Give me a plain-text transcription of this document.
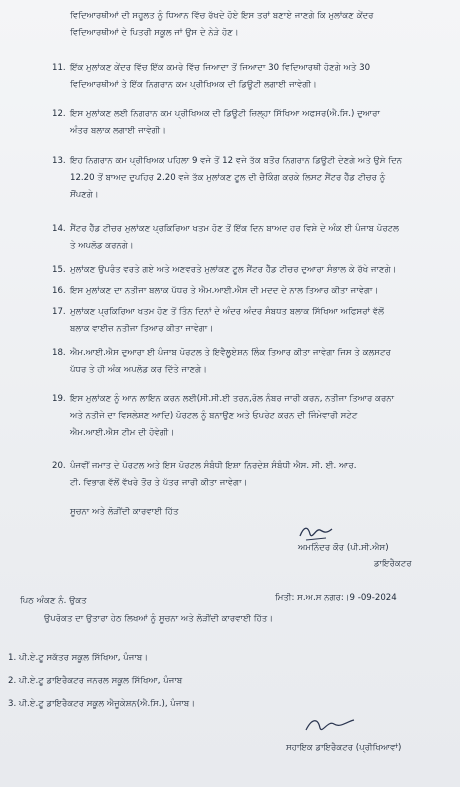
ਵਿਦਿਆਰਥੀਆਂ ਦੀ ਸਹੂਲਤ ਨੂੰ ਧਿਆਨ ਵਿੱਚ ਰੱਖਦੇ ਹੋਏ ਇਸ ਤਰਾਂ ਬਣਾਏ ਜਾਣਗੇ ਕਿ ਮੁਲਾਂਕਣ ਕੇਂਦਰ
ਵਿਦਿਆਰਥੀਆਂ ਦੇ ਪਿਤਰੀ ਸਕੂਲ ਜਾਂ ਉਸ ਦੇ ਨੇੜੇ ਹੋਣ।
11. ਇੱਕ ਮੁਲਾਂਕਣ ਕੇਂਦਰ ਵਿੱਚ ਇੱਕ ਕਮਰੇ ਵਿੱਚ ਜਿਆਦਾ ਤੋਂ ਜਿਆਦਾ 30 ਵਿਦਿਆਰਥੀ ਹੋਣਗੇ ਅਤੇ 30
ਵਿਦਿਆਰਥੀਆਂ ਤੇ ਇੱਕ ਨਿਗਰਾਨ ਕਮ ਪ੍ਰੀਖਿਅਕ ਦੀ ਡਿਊਟੀ ਲਗਾਈ ਜਾਵੇਗੀ।
12. ਇਸ ਮੁਲਾਂਕਣ ਲਈ ਨਿਗਰਾਨ ਕਮ ਪ੍ਰੀਖਿਅਕ ਦੀ ਡਿਊਟੀ ਜ਼ਿਲ੍ਹਾ ਸਿੱਖਿਆ ਅਫਸਰ(ਐ.ਸਿ.) ਦੁਆਰਾ
ਅੰਤਰ ਬਲਾਕ ਲਗਾਈ ਜਾਵੇਗੀ।
13. ਇਹ ਨਿਗਰਾਨ ਕਮ ਪ੍ਰੀਖਿਅਕ ਪਹਿਲਾ 9 ਵਜੇ ਤੋਂ 12 ਵਜੇ ਤੱਕ ਬਤੌਰ ਨਿਗਰਾਨ ਡਿਊਟੀ ਦੇਣਗੇ ਅਤੇ ਉਸੇ ਦਿਨ
12.20 ਤੋਂ ਬਾਅਦ ਦੁਪਹਿਰ 2.20 ਵਜੇ ਤੱਕ ਮੁਲਾਂਕਣ ਟੂਲ ਦੀ ਚੈਕਿੰਗ ਕਰਕੇ ਲਿਸਟ ਸੈਂਟਰ ਹੈੱਡ ਟੀਚਰ ਨੂੰ
ਸੌਂਪਣਗੇ।
14. ਸੈਂਟਰ ਹੈੱਡ ਟੀਚਰ ਮੁਲਾਂਕਣ ਪ੍ਰਕਿਰਿਆ ਖਤਮ ਹੋਣ ਤੋਂ ਇੱਕ ਦਿਨ ਬਾਅਦ ਹਰ ਵਿਸ਼ੇ ਦੇ ਅੰਕ ਈ ਪੰਜਾਬ ਪੋਰਟਲ
ਤੇ ਅਪਲੋਡ ਕਰਨਗੇ।
15. ਮੁਲਾਂਕਣ ਉਪਰੰਤ ਵਰਤੇ ਗਏ ਅਤੇ ਅਣਵਰਤੇ ਮੁਲਾਂਕਣ ਟੂਲ ਸੈਂਟਰ ਹੈੱਡ ਟੀਚਰ ਦੁਆਰਾ ਸੰਭਾਲ ਕੇ ਰੱਖੇ ਜਾਣਗੇ।
16. ਇਸ ਮੁਲਾਂਕਣ ਦਾ ਨਤੀਜਾ ਬਲਾਕ ਪੱਧਰ ਤੇ ਐਮ.ਆਈ.ਐਸ ਦੀ ਮਦਦ ਦੇ ਨਾਲ ਤਿਆਰ ਕੀਤਾ ਜਾਵੇਗਾ।
17. ਮੁਲਾਂਕਣ ਪ੍ਰਕਿਰਿਆ ਖਤਮ ਹੋਣ ਤੋਂ ਤਿੰਨ ਦਿਨਾਂ ਦੇ ਅੰਦਰ ਅੰਦਰ ਸੰਬਧਤ ਬਲਾਕ ਸਿੱਖਿਆ ਅਫਿਸਰਾਂ ਵੱਲੋਂ
ਬਲਾਕ ਵਾਈਜ਼ ਨਤੀਜਾ ਤਿਆਰ ਕੀਤਾ ਜਾਵੇਗਾ।
18. ਐਮ.ਆਈ.ਐਸ ਦੁਆਰਾ ਈ ਪੰਜਾਬ ਪੋਰਟਲ ਤੇ ਇਵੈਲੂਏਸ਼ਨ ਲਿੰਕ ਤਿਆਰ ਕੀਤਾ ਜਾਵੇਗਾ ਜਿਸ ਤੇ ਕਲਸਟਰ
ਪੱਧਰ ਤੇ ਹੀ ਅੰਕ ਅਪਲੋਡ ਕਰ ਦਿੱਤੇ ਜਾਣਗੇ।
19. ਇਸ ਮੁਲਾਂਕਣ ਨੂੰ ਆਨ ਲਾਇਨ ਕਰਨ ਲਈ(ਸੀ.ਸੀ.ਈ ਤਰਨ,ਰੋਲ ਨੰਬਰ ਜਾਰੀ ਕਰਨ, ਨਤੀਜਾ ਤਿਆਰ ਕਰਨਾ
ਅਤੇ ਨਤੀਜੇ ਦਾ ਵਿਸਲੇਸ਼ਣ ਆਦਿ) ਪੋਰਟਲ ਨੂੰ ਬਨਾਉਣ ਅਤੇ ਓਪਰੇਟ ਕਰਨ ਦੀ ਜਿੰਮੇਵਾਰੀ ਸਟੇਟ
ਐਮ.ਆਈ.ਐਸ ਟੀਮ ਦੀ ਹੋਵੇਗੀ।
20. ਪੰਜਵੀਂ ਜਮਾਤ ਦੇ ਪੋਰਟਲ ਅਤੇ ਇਸ ਪੋਰਟਲ ਸੰਬੰਧੀ ਇਸ਼ਾ ਨਿਰਦੇਸ਼ ਸੰਬੰਧੀ ਐਸ. ਸੀ. ਈ. ਆਰ.
ਟੀ. ਵਿਭਾਗ ਵੱਲੋਂ ਵੱਖਰੇ ਤੌਰ ਤੇ ਪੱਤਰ ਜਾਰੀ ਕੀਤਾ ਜਾਵੇਗਾ।
ਸੂਚਨਾ ਅਤੇ ਲੋੜੀਂਦੀ ਕਾਰਵਾਈ ਹਿੱਤ
ਅਮਨਿੰਦਰ ਕੌਰ (ਪੀ.ਸੀ.ਐਸ)
ਡਾਇਰੈਕਟਰ
ਪਿਠ ਅੰਕਣ ਨੰ. ਉਕਤ	ਮਿਤੀ: ਸ.ਅ.ਸ ਨਗਰ:।9 -09-2024
ਉਪਰੋਕਤ ਦਾ ਉਤਾਰਾ ਹੇਠ ਲਿਖਆਂ ਨੂੰ ਸੂਚਨਾ ਅਤੇ ਲੋੜੀਂਦੀ ਕਾਰਵਾਈ ਹਿੱਤ।
1. ਪੀ.ਏ.ਟੂ ਸਕੱਤਰ ਸਕੂਲ ਸਿੱਖਿਆ, ਪੰਜਾਬ।
2. ਪੀ.ਏ.ਟੂ ਡਾਇਰੈਕਟਰ ਜਨਰਲ ਸਕੂਲ ਸਿੱਖਿਆ, ਪੰਜਾਬ
3. ਪੀ.ਏ.ਟੂ ਡਾਇਰੈਕਟਰ ਸਕੂਲ ਐਜੂਕੇਸ਼ਨ(ਐ.ਸਿ.), ਪੰਜਾਬ।
ਸਹਾਇਕ ਡਾਇਰੈਕਟਰ (ਪ੍ਰੀਖਿਆਵਾਂ)
